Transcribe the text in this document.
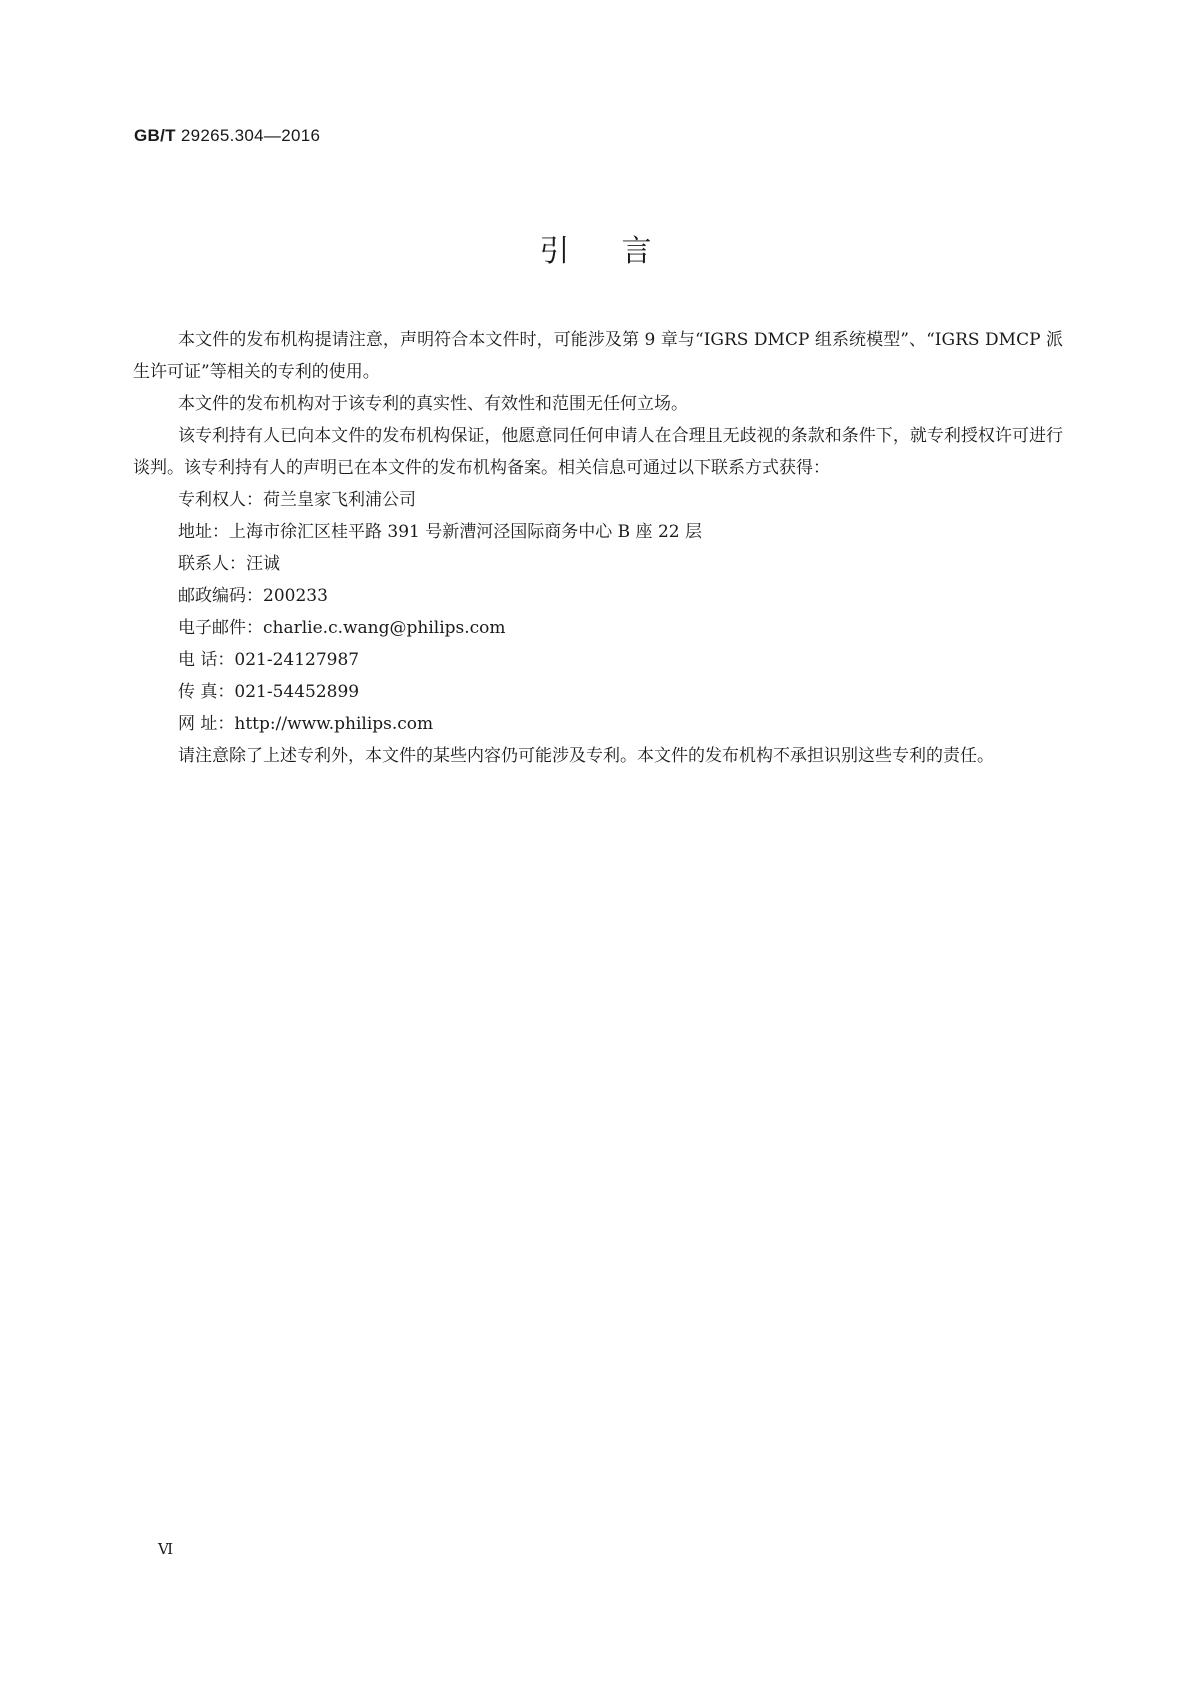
GB/T 29265.304—2016
引言

本文件的发布机构提请注意，声明符合本文件时，可能涉及第 9 章与“IGRS DMCP 组系统模型”、“IGRS DMCP 派生许可证”等相关的专利的使用。

本文件的发布机构对于该专利的真实性、有效性和范围无任何立场。

该专利持有人已向本文件的发布机构保证，他愿意同任何申请人在合理且无歧视的条款和条件下，就专利授权许可进行谈判。该专利持有人的声明已在本文件的发布机构备案。相关信息可通过以下联系方式获得：

专利权人：荷兰皇家飞利浦公司

地址：上海市徐汇区桂平路 391 号新漕河泾国际商务中心 B 座 22 层

联系人：汪诚

邮政编码：200233

电子邮件：charlie.c.wang@philips.com

电 话：021-24127987

传 真：021-54452899

网 址：http://www.philips.com

请注意除了上述专利外，本文件的某些内容仍可能涉及专利。本文件的发布机构不承担识别这些专利的责任。

Ⅵ
